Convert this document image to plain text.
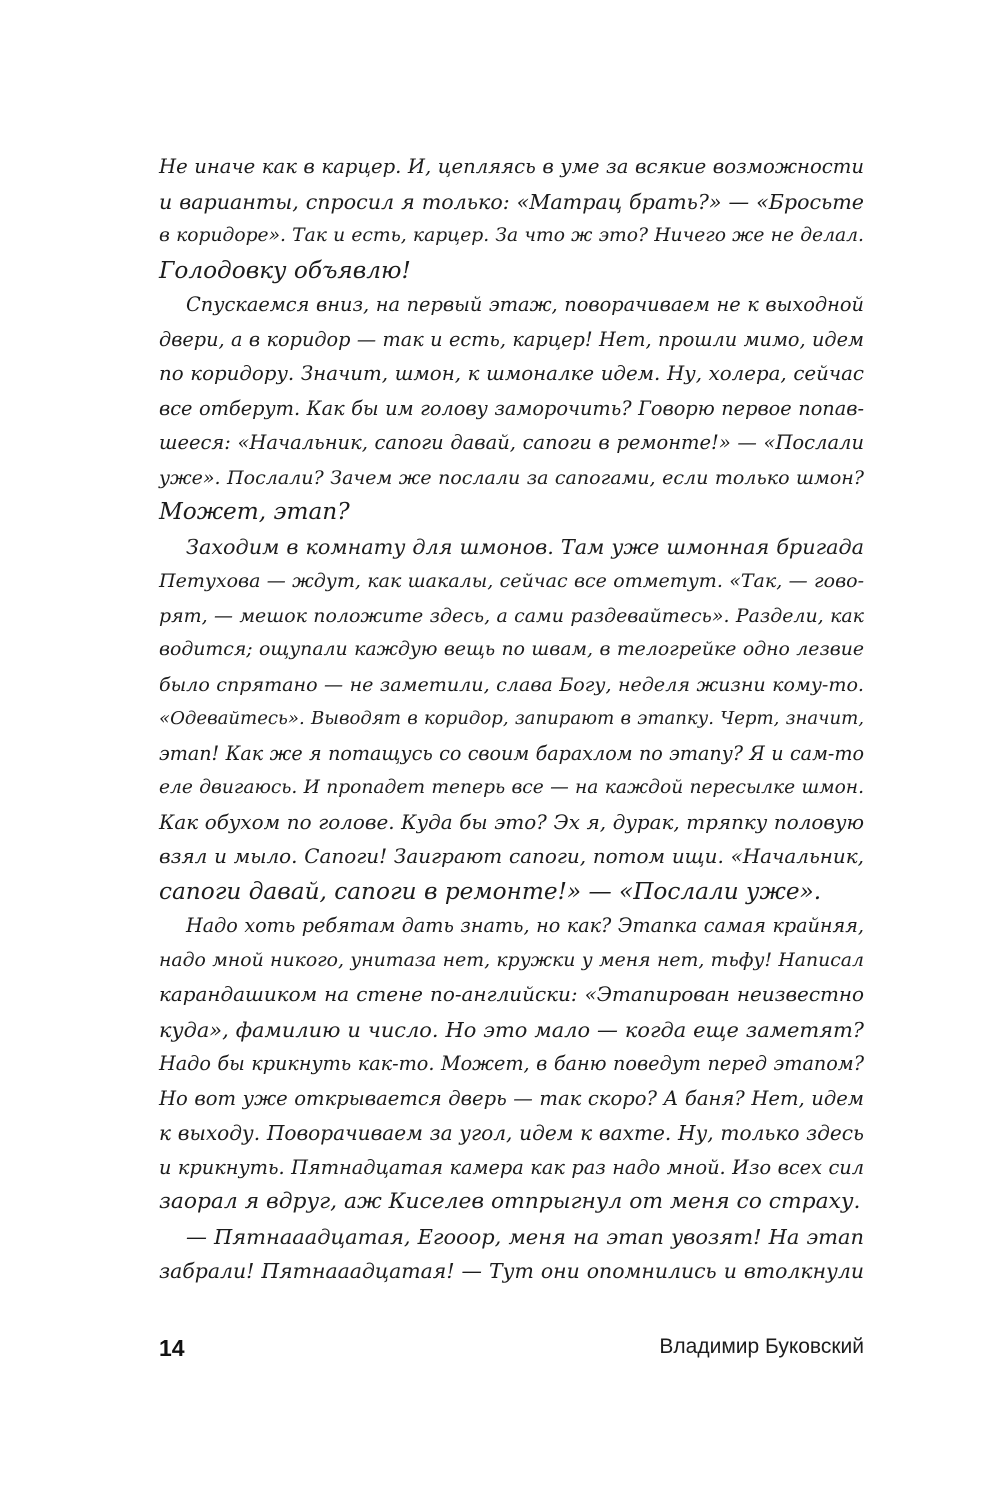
Не иначе как в карцер. И, цепляясь в уме за всякие возможности
и варианты, спросил я только: «Матрац брать?» — «Бросьте
в коридоре». Так и есть, карцер. За что ж это? Ничего же не делал.
Голодовку объявлю!
Спускаемся вниз, на первый этаж, поворачиваем не к выходной
двери, а в коридор — так и есть, карцер! Нет, прошли мимо, идем
по коридору. Значит, шмон, к шмоналке идем. Ну, холера, сейчас
все отберут. Как бы им голову заморочить? Говорю первое попав-
шееся: «Начальник, сапоги давай, сапоги в ремонте!» — «Послали
уже». Послали? Зачем же послали за сапогами, если только шмон?
Может, этап?
Заходим в комнату для шмонов. Там уже шмонная бригада
Петухова — ждут, как шакалы, сейчас все отметут. «Так, — гово-
рят, — мешок положите здесь, а сами раздевайтесь». Раздели, как
водится; ощупали каждую вещь по швам, в телогрейке одно лезвие
было спрятано — не заметили, слава Богу, неделя жизни кому-то.
«Одевайтесь». Выводят в коридор, запирают в этапку. Черт, значит,
этап! Как же я потащусь со своим барахлом по этапу? Я и сам-то
еле двигаюсь. И пропадет теперь все — на каждой пересылке шмон.
Как обухом по голове. Куда бы это? Эх я, дурак, тряпку половую
взял и мыло. Сапоги! Заиграют сапоги, потом ищи. «Начальник,
сапоги давай, сапоги в ремонте!» — «Послали уже».
Надо хоть ребятам дать знать, но как? Этапка самая крайняя,
надо мной никого, унитаза нет, кружки у меня нет, тьфу! Написал
карандашиком на стене по-английски: «Этапирован неизвестно
куда», фамилию и число. Но это мало — когда еще заметят?
Надо бы крикнуть как-то. Может, в баню поведут перед этапом?
Но вот уже открывается дверь — так скоро? А баня? Нет, идем
к выходу. Поворачиваем за угол, идем к вахте. Ну, только здесь
и крикнуть. Пятнадцатая камера как раз надо мной. Изо всех сил
заорал я вдруг, аж Киселев отпрыгнул от меня со страху.
— Пятнааадцатая, Егооор, меня на этап увозят! На этап
забрали! Пятнааадцатая! — Тут они опомнились и втолкнули
14	Владимир Буковский
